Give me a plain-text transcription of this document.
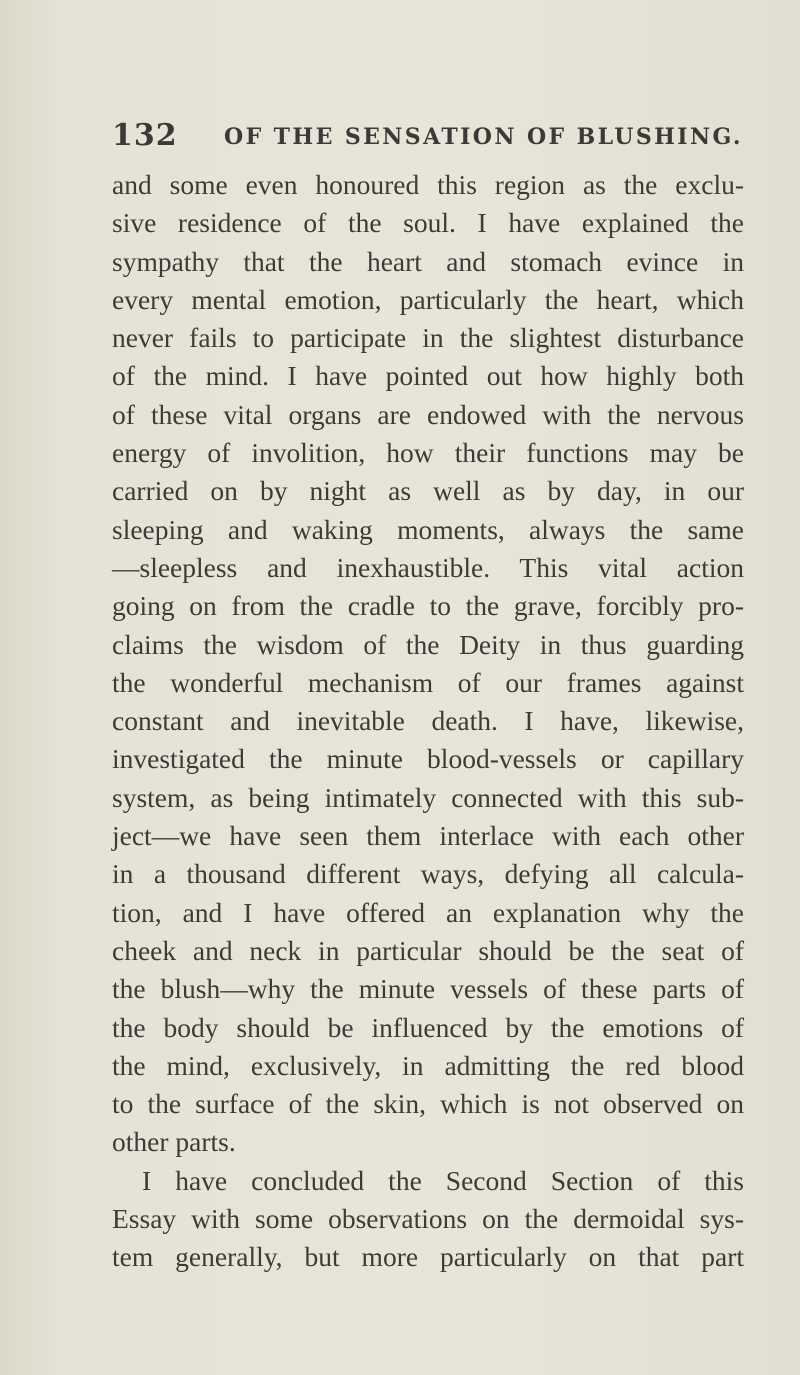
132 OF THE SENSATION OF BLUSHING.
and some even honoured this region as the exclu-
sive residence of the soul. I have explained the
sympathy that the heart and stomach evince in
every mental emotion, particularly the heart, which
never fails to participate in the slightest disturbance
of the mind. I have pointed out how highly both
of these vital organs are endowed with the nervous
energy of involition, how their functions may be
carried on by night as well as by day, in our
sleeping and waking moments, always the same
—sleepless and inexhaustible. This vital action
going on from the cradle to the grave, forcibly pro-
claims the wisdom of the Deity in thus guarding
the wonderful mechanism of our frames against
constant and inevitable death. I have, likewise,
investigated the minute blood-vessels or capillary
system, as being intimately connected with this sub-
ject—we have seen them interlace with each other
in a thousand different ways, defying all calcula-
tion, and I have offered an explanation why the
cheek and neck in particular should be the seat of
the blush—why the minute vessels of these parts of
the body should be influenced by the emotions of
the mind, exclusively, in admitting the red blood
to the surface of the skin, which is not observed on
other parts.
I have concluded the Second Section of this
Essay with some observations on the dermoidal sys-
tem generally, but more particularly on that part
